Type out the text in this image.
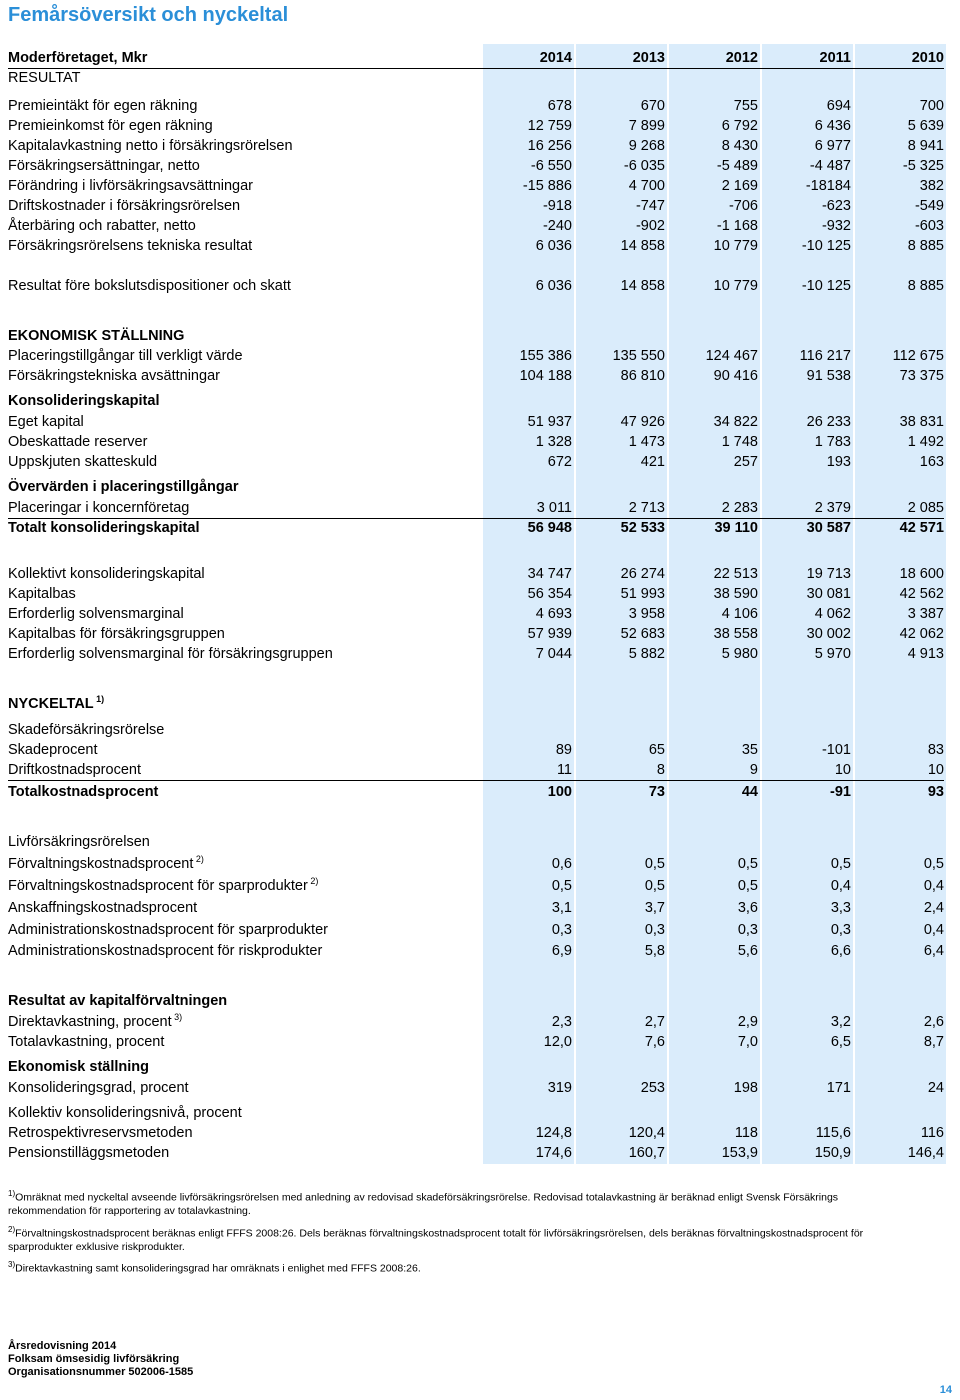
Femårsöversikt och nyckeltal
Moderföretaget, Mkr	2014	2013	2012	2011	2010
RESULTAT
Premieintäkt för egen räkning	678	670	755	694	700
Premieinkomst för egen räkning	12 759	7 899	6 792	6 436	5 639
Kapitalavkastning netto i försäkringsrörelsen	16 256	9 268	8 430	6 977	8 941
Försäkringsersättningar, netto	-6 550	-6 035	-5 489	-4 487	-5 325
Förändring i livförsäkringsavsättningar	-15 886	4 700	2 169	-18184	382
Driftskostnader i försäkringsrörelsen	-918	-747	-706	-623	-549
Återbäring och rabatter, netto	-240	-902	-1 168	-932	-603
Försäkringsrörelsens tekniska resultat	6 036	14 858	10 779	-10 125	8 885
Resultat före bokslutsdispositioner och skatt	6 036	14 858	10 779	-10 125	8 885
EKONOMISK STÄLLNING
Placeringstillgångar till verkligt värde	155 386	135 550	124 467	116 217	112 675
Försäkringstekniska avsättningar	104 188	86 810	90 416	91 538	73 375
Konsolideringskapital
Eget kapital	51 937	47 926	34 822	26 233	38 831
Obeskattade reserver	1 328	1 473	1 748	1 783	1 492
Uppskjuten skatteskuld	672	421	257	193	163
Övervärden i placeringstillgångar
Placeringar i koncernföretag	3 011	2 713	2 283	2 379	2 085
Totalt konsolideringskapital	56 948	52 533	39 110	30 587	42 571
Kollektivt konsolideringskapital	34 747	26 274	22 513	19 713	18 600
Kapitalbas	56 354	51 993	38 590	30 081	42 562
Erforderlig solvensmarginal	4 693	3 958	4 106	4 062	3 387
Kapitalbas för försäkringsgruppen	57 939	52 683	38 558	30 002	42 062
Erforderlig solvensmarginal för försäkringsgruppen	7 044	5 882	5 980	5 970	4 913
NYCKELTAL $^{1)}$
Skadeförsäkringsrörelse
Skadeprocent	89	65	35	-101	83
Driftkostnadsprocent	11	8	9	10	10
Totalkostnadsprocent	100	73	44	-91	93
Livförsäkringsrörelsen
Förvaltningskostnadsprocent $^{2)}$	0,6	0,5	0,5	0,5	0,5
Förvaltningskostnadsprocent för sparprodukter $^{2)}$	0,5	0,5	0,5	0,4	0,4
Anskaffningskostnadsprocent	3,1	3,7	3,6	3,3	2,4
Administrationskostnadsprocent för sparprodukter	0,3	0,3	0,3	0,3	0,4
Administrationskostnadsprocent för riskprodukter	6,9	5,8	5,6	6,6	6,4
Resultat av kapitalförvaltningen
Direktavkastning, procent $^{3)}$	2,3	2,7	2,9	3,2	2,6
Totalavkastning, procent	12,0	7,6	7,0	6,5	8,7
Ekonomisk ställning
Konsolideringsgrad, procent	319	253	198	171	24
Kollektiv konsolideringsnivå, procent
Retrospektivreservsmetoden	124,8	120,4	118	115,6	116
Pensionstilläggsmetoden	174,6	160,7	153,9	150,9	146,4
$^{1)}$Omräknat med nyckeltal avseende livförsäkringsrörelsen med anledning av redovisad skadeförsäkringsrörelse. Redovisad totalavkastning är beräknad enligt Svensk Försäkrings rekommendation för rapportering av totalavkastning.
$^{2)}$Förvaltningskostnadsprocent beräknas enligt FFFS 2008:26. Dels beräknas förvaltningskostnadsprocent totalt för livförsäkringsrörelsen, dels beräknas förvaltningskostnadsprocent för sparprodukter exklusive riskprodukter.
$^{3)}$Direktavkastning samt konsolideringsgrad har omräknats i enlighet med FFFS 2008:26.
Årsredovisning 2014
Folksam ömsesidig livförsäkring
Organisationsnummer 502006-1585
14
